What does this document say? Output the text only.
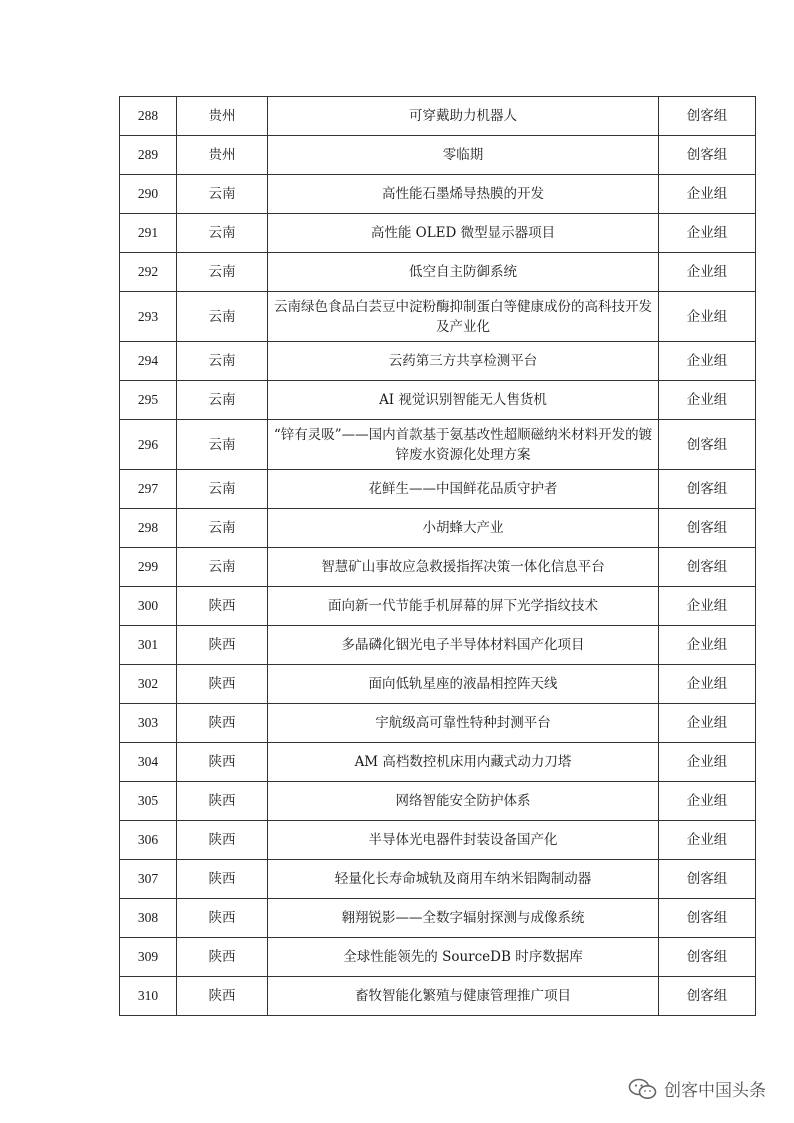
288	贵州	可穿戴助力机器人	创客组
289	贵州	零临期	创客组
290	云南	高性能石墨烯导热膜的开发	企业组
291	云南	高性能 OLED 微型显示器项目	企业组
292	云南	低空自主防御系统	企业组
293	云南	云南绿色食品白芸豆中淀粉酶抑制蛋白等健康成份的高科技开发及产业化	企业组
294	云南	云药第三方共享检测平台	企业组
295	云南	AI 视觉识别智能无人售货机	企业组
296	云南	“锌有灵吸”——国内首款基于氨基改性超顺磁纳米材料开发的镀锌废水资源化处理方案	创客组
297	云南	花鲜生——中国鲜花品质守护者	创客组
298	云南	小胡蜂大产业	创客组
299	云南	智慧矿山事故应急救援指挥决策一体化信息平台	创客组
300	陕西	面向新一代节能手机屏幕的屏下光学指纹技术	企业组
301	陕西	多晶磷化铟光电子半导体材料国产化项目	企业组
302	陕西	面向低轨星座的液晶相控阵天线	企业组
303	陕西	宇航级高可靠性特种封测平台	企业组
304	陕西	AM 高档数控机床用内藏式动力刀塔	企业组
305	陕西	网络智能安全防护体系	企业组
306	陕西	半导体光电器件封装设备国产化	企业组
307	陕西	轻量化长寿命城轨及商用车纳米铝陶制动器	创客组
308	陕西	翱翔锐影——全数字辐射探测与成像系统	创客组
309	陕西	全球性能领先的 SourceDB 时序数据库	创客组
310	陕西	畜牧智能化繁殖与健康管理推广项目	创客组
创客中国头条
